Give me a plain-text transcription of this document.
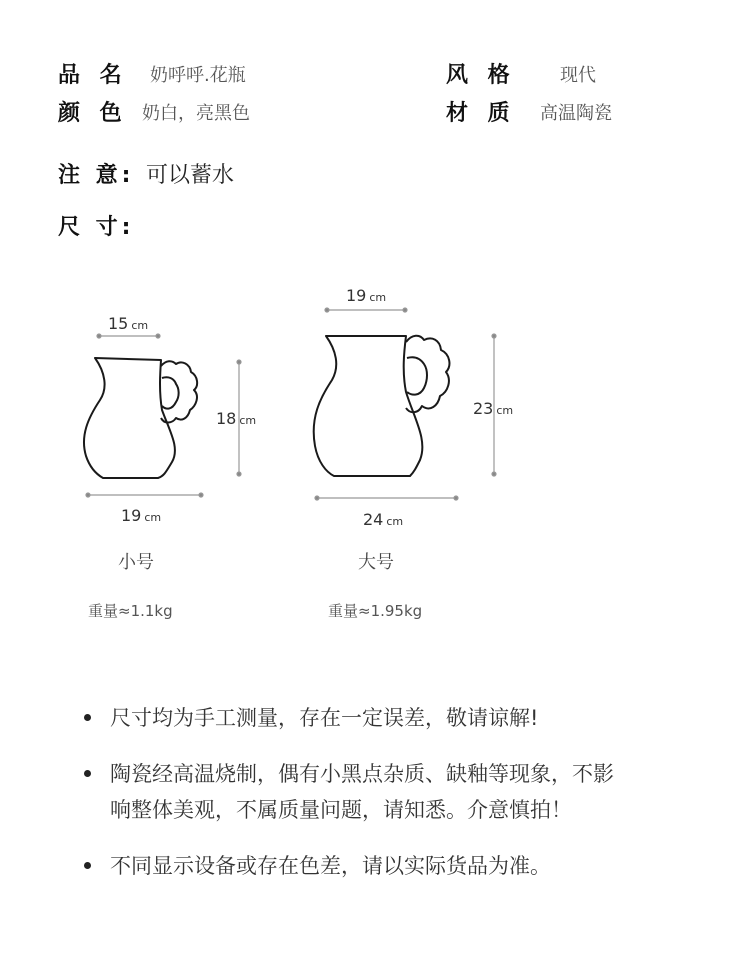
品 名 奶呼呼.花瓶	风 格 现代
颜 色 奶白，亮黑色	材 质 高温陶瓷
注 意: 可以蓄水
尺 寸:
15 cm
18 cm
19 cm
小号
重量≈1.1kg
19 cm
23 cm
24 cm
大号
重量≈1.95kg
尺寸均为手工测量，存在一定误差，敬请谅解!
陶瓷经高温烧制，偶有小黑点杂质、缺釉等现象，不影
响整体美观，不属质量问题，请知悉。介意慎拍！
不同显示设备或存在色差，请以实际货品为准。
